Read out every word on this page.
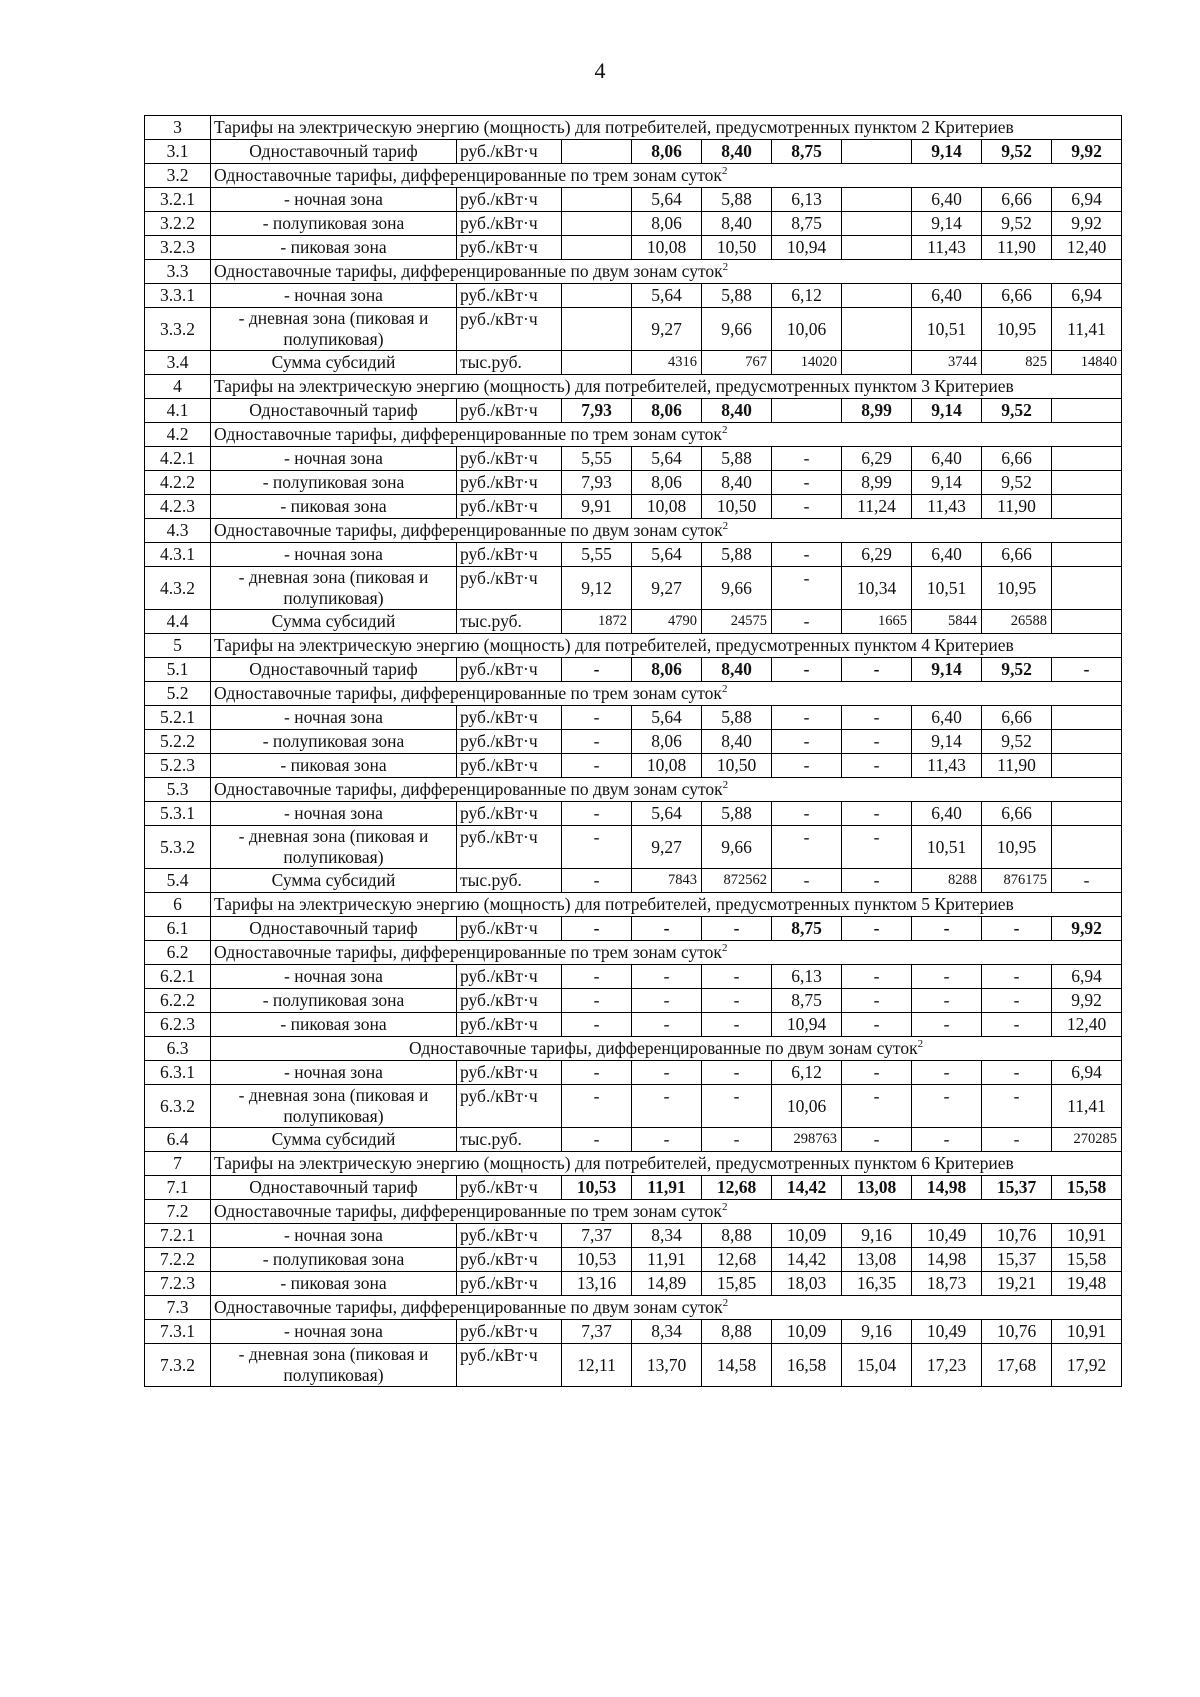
4
3	Тарифы на электрическую энергию (мощность) для потребителей, предусмотренных пунктом 2 Критериев									
3.1	Одноставочный тариф	руб./кВт·ч		8,06	8,40	8,75		9,14	9,52	9,92
3.2	Одноставочные тарифы, дифференцированные по трем зонам суток$^2$
3.2.1	- ночная зона	руб./кВт·ч		5,64	5,88	6,13		6,40	6,66	6,94
3.2.2	- полупиковая зона	руб./кВт·ч		8,06	8,40	8,75		9,14	9,52	9,92
3.2.3	- пиковая зона	руб./кВт·ч		10,08	10,50	10,94		11,43	11,90	12,40
3.3	Одноставочные тарифы, дифференцированные по двум зонам суток$^2$
3.3.1	- ночная зона	руб./кВт·ч		5,64	5,88	6,12		6,40	6,66	6,94
3.3.2	- дневная зона (пиковая и полупиковая)	руб./кВт·ч		9,27	9,66	10,06		10,51	10,95	11,41
3.4	Сумма субсидий	тыс.руб.		4316	767	14020		3744	825	14840
4	Тарифы на электрическую энергию (мощность) для потребителей, предусмотренных пунктом 3 Критериев									
4.1	Одноставочный тариф	руб./кВт·ч	7,93	8,06	8,40		8,99	9,14	9,52	
4.2	Одноставочные тарифы, дифференцированные по трем зонам суток$^2$
4.2.1	- ночная зона	руб./кВт·ч	5,55	5,64	5,88	-	6,29	6,40	6,66	
4.2.2	- полупиковая зона	руб./кВт·ч	7,93	8,06	8,40	-	8,99	9,14	9,52	
4.2.3	- пиковая зона	руб./кВт·ч	9,91	10,08	10,50	-	11,24	11,43	11,90	
4.3	Одноставочные тарифы, дифференцированные по двум зонам суток$^2$
4.3.1	- ночная зона	руб./кВт·ч	5,55	5,64	5,88	-	6,29	6,40	6,66	
4.3.2	- дневная зона (пиковая и полупиковая)	руб./кВт·ч	9,12	9,27	9,66	-	10,34	10,51	10,95	
4.4	Сумма субсидий	тыс.руб.	1872	4790	24575	-	1665	5844	26588	
5	Тарифы на электрическую энергию (мощность) для потребителей, предусмотренных пунктом 4 Критериев									
5.1	Одноставочный тариф	руб./кВт·ч	-	8,06	8,40	-	-	9,14	9,52	-
5.2	Одноставочные тарифы, дифференцированные по трем зонам суток$^2$
5.2.1	- ночная зона	руб./кВт·ч	-	5,64	5,88	-	-	6,40	6,66	
5.2.2	- полупиковая зона	руб./кВт·ч	-	8,06	8,40	-	-	9,14	9,52	
5.2.3	- пиковая зона	руб./кВт·ч	-	10,08	10,50	-	-	11,43	11,90	
5.3	Одноставочные тарифы, дифференцированные по двум зонам суток$^2$
5.3.1	- ночная зона	руб./кВт·ч	-	5,64	5,88	-	-	6,40	6,66	
5.3.2	- дневная зона (пиковая и полупиковая)	руб./кВт·ч	-	9,27	9,66	-	-	10,51	10,95	
5.4	Сумма субсидий	тыс.руб.	-	7843	872562	-	-	8288	876175	-
6	Тарифы на электрическую энергию (мощность) для потребителей, предусмотренных пунктом 5 Критериев									
6.1	Одноставочный тариф	руб./кВт·ч	-	-	-	8,75	-	-	-	9,92
6.2	Одноставочные тарифы, дифференцированные по трем зонам суток$^2$
6.2.1	- ночная зона	руб./кВт·ч	-	-	-	6,13	-	-	-	6,94
6.2.2	- полупиковая зона	руб./кВт·ч	-	-	-	8,75	-	-	-	9,92
6.2.3	- пиковая зона	руб./кВт·ч	-	-	-	10,94	-	-	-	12,40
6.3	Одноставочные тарифы, дифференцированные по двум зонам суток$^2$
6.3.1	- ночная зона	руб./кВт·ч	-	-	-	6,12	-	-	-	6,94
6.3.2	- дневная зона (пиковая и полупиковая)	руб./кВт·ч	-	-	-	10,06	-	-	-	11,41
6.4	Сумма субсидий	тыс.руб.	-	-	-	298763	-	-	-	270285
7	Тарифы на электрическую энергию (мощность) для потребителей, предусмотренных пунктом 6 Критериев									
7.1	Одноставочный тариф	руб./кВт·ч	10,53	11,91	12,68	14,42	13,08	14,98	15,37	15,58
7.2	Одноставочные тарифы, дифференцированные по трем зонам суток$^2$
7.2.1	- ночная зона	руб./кВт·ч	7,37	8,34	8,88	10,09	9,16	10,49	10,76	10,91
7.2.2	- полупиковая зона	руб./кВт·ч	10,53	11,91	12,68	14,42	13,08	14,98	15,37	15,58
7.2.3	- пиковая зона	руб./кВт·ч	13,16	14,89	15,85	18,03	16,35	18,73	19,21	19,48
7.3	Одноставочные тарифы, дифференцированные по двум зонам суток$^2$
7.3.1	- ночная зона	руб./кВт·ч	7,37	8,34	8,88	10,09	9,16	10,49	10,76	10,91
7.3.2	- дневная зона (пиковая и полупиковая)	руб./кВт·ч	12,11	13,70	14,58	16,58	15,04	17,23	17,68	17,92
